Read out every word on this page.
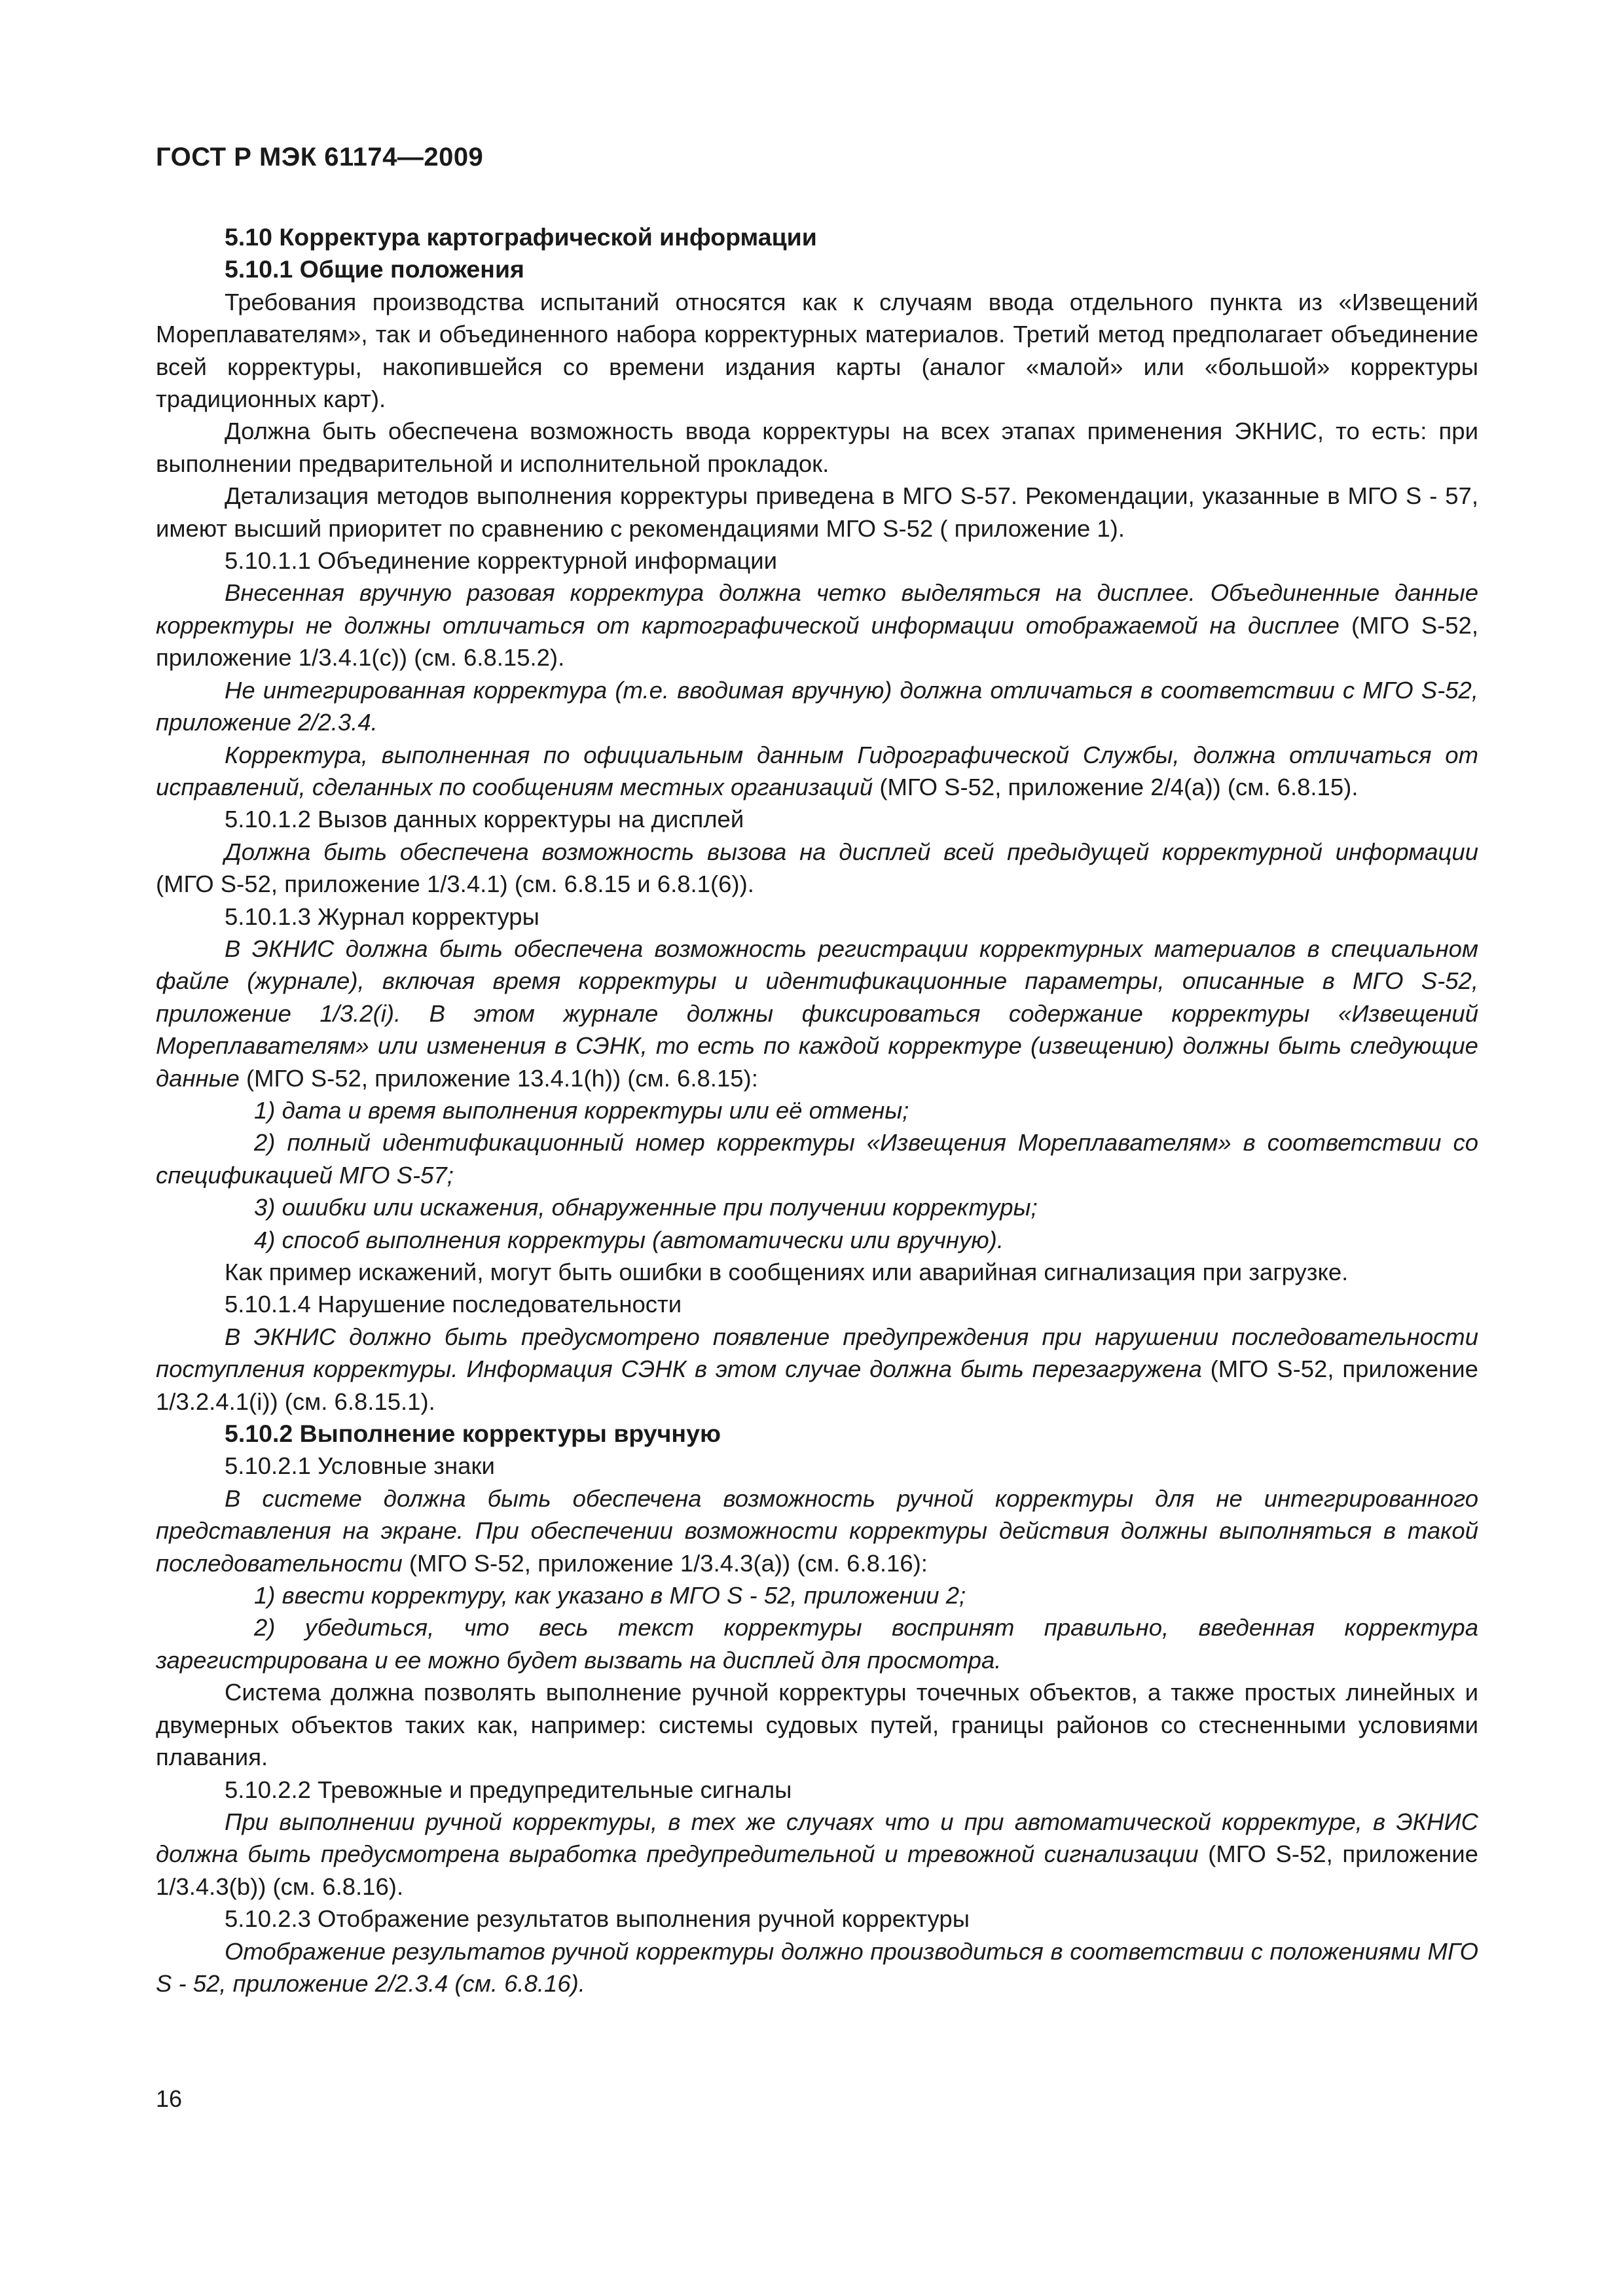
ГОСТ Р МЭК 61174—2009

5.10 Корректура картографической информации

5.10.1 Общие положения

Требования производства испытаний относятся как к случаям ввода отдельного пункта из «Извещений Мореплавателям», так и объединенного набора корректурных материалов. Третий метод предполагает объединение всей корректуры, накопившейся со времени издания карты (аналог «малой» или «большой» корректуры традиционных карт).

Должна быть обеспечена возможность ввода корректуры на всех этапах применения ЭКНИС, то есть: при выполнении предварительной и исполнительной прокладок.

Детализация методов выполнения корректуры приведена в МГО S-57. Рекомендации, указанные в МГО S - 57, имеют высший приоритет по сравнению с рекомендациями МГО S-52 ( приложение 1).

5.10.1.1 Объединение корректурной информации

Внесенная вручную разовая корректура должна четко выделяться на дисплее. Объединенные данные корректуры не должны отличаться от картографической информации отображаемой на дисплее (МГО S-52, приложение 1/3.4.1(c)) (см. 6.8.15.2).

Не интегрированная корректура (т.е. вводимая вручную) должна отличаться в соответствии с МГО S-52, приложение 2/2.3.4.

Корректура, выполненная по официальным данным Гидрографической Службы, должна отличаться от исправлений, сделанных по сообщениям местных организаций (МГО S-52, приложение 2/4(a)) (см. 6.8.15).

5.10.1.2 Вызов данных корректуры на дисплей

Должна быть обеспечена возможность вызова на дисплей всей предыдущей корректурной информации (МГО S-52, приложение 1/3.4.1) (см. 6.8.15 и 6.8.1(6)).

5.10.1.3 Журнал корректуры

В ЭКНИС должна быть обеспечена возможность регистрации корректурных материалов в специальном файле (журнале), включая время корректуры и идентификационные параметры, описанные в МГО S-52, приложение 1/3.2(i). В этом журнале должны фиксироваться содержание корректуры «Извещений Мореплавателям» или изменения в СЭНК, то есть по каждой корректуре (извещению) должны быть следующие данные (МГО S-52, приложение 13.4.1(h)) (см. 6.8.15):

1) дата и время выполнения корректуры или её отмены;

2) полный идентификационный номер корректуры «Извещения Мореплавателям» в соответствии со спецификацией МГО S-57;

3) ошибки или искажения, обнаруженные при получении корректуры;

4) способ выполнения корректуры (автоматически или вручную).

Как пример искажений, могут быть ошибки в сообщениях или аварийная сигнализация при загрузке.

5.10.1.4 Нарушение последовательности

В ЭКНИС должно быть предусмотрено появление предупреждения при нарушении последовательности поступления корректуры. Информация СЭНК в этом случае должна быть перезагружена (МГО S-52, приложение 1/3.2.4.1(i)) (см. 6.8.15.1).

5.10.2 Выполнение корректуры вручную

5.10.2.1 Условные знаки

В системе должна быть обеспечена возможность ручной корректуры для не интегрированного представления на экране. При обеспечении возможности корректуры действия должны выполняться в такой последовательности (МГО S-52, приложение 1/3.4.3(a)) (см. 6.8.16):

1) ввести корректуру, как указано в МГО S - 52, приложении 2;

2) убедиться, что весь текст корректуры воспринят правильно, введенная корректура зарегистрирована и ее можно будет вызвать на дисплей для просмотра.

Система должна позволять выполнение ручной корректуры точечных объектов, а также простых линейных и двумерных объектов таких как, например: системы судовых путей, границы районов со стесненными условиями плавания.

5.10.2.2 Тревожные и предупредительные сигналы

При выполнении ручной корректуры, в тех же случаях что и при автоматической корректуре, в ЭКНИС должна быть предусмотрена выработка предупредительной и тревожной сигнализации (МГО S-52, приложение 1/3.4.3(b)) (см. 6.8.16).

5.10.2.3 Отображение результатов выполнения ручной корректуры

Отображение результатов ручной корректуры должно производиться в соответствии с положениями МГО S - 52, приложение 2/2.3.4 (см. 6.8.16).

16
